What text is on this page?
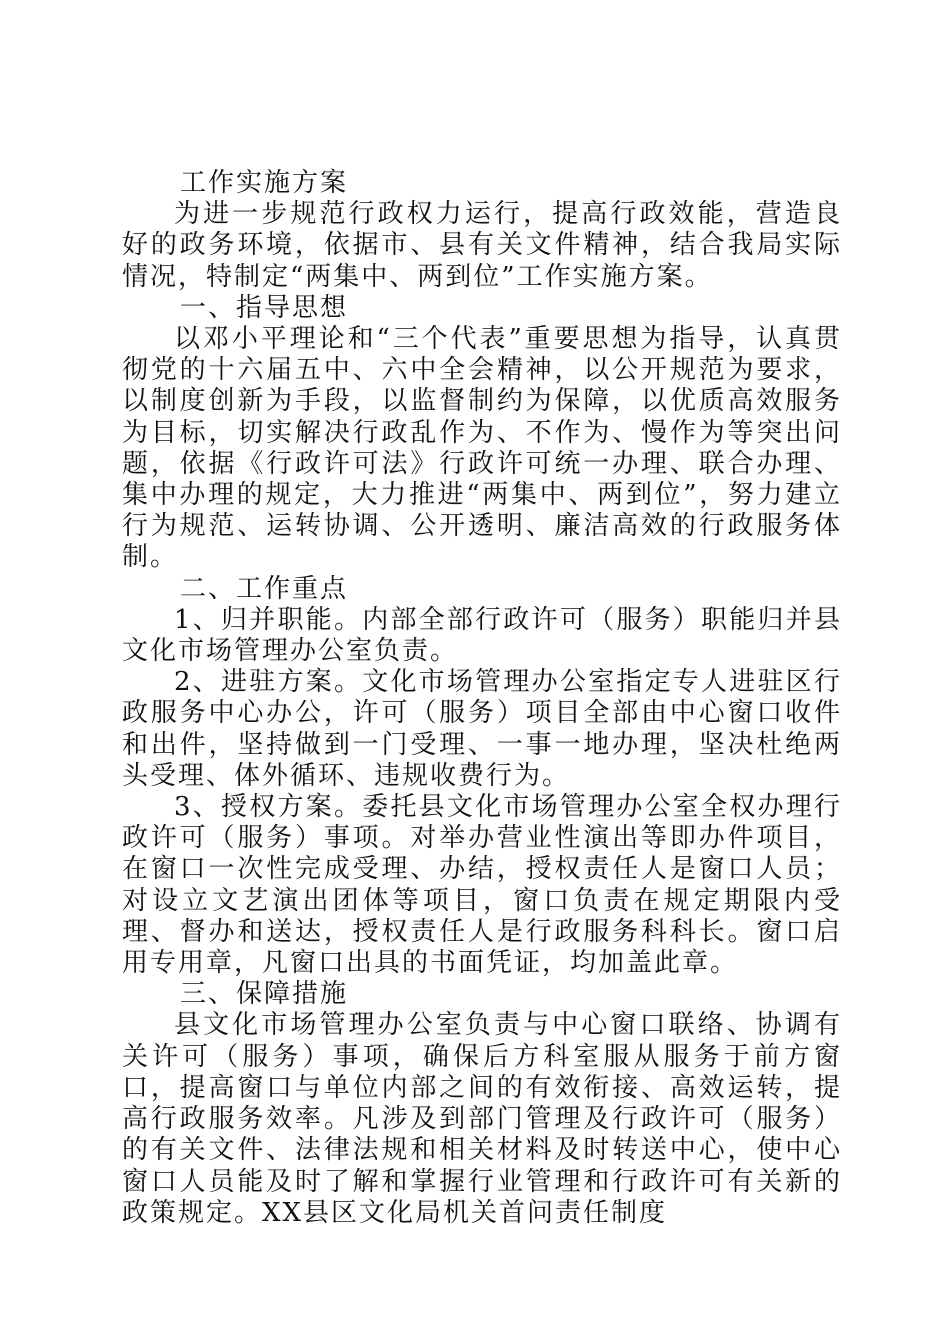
工作实施方案

为进一步规范行政权力运行，提高行政效能，营造良好的政务环境，依据市、县有关文件精神，结合我局实际情况，特制定“两集中、两到位”工作实施方案。

一、指导思想

以邓小平理论和“三个代表”重要思想为指导，认真贯彻党的十六届五中、六中全会精神，以公开规范为要求，以制度创新为手段，以监督制约为保障，以优质高效服务为目标，切实解决行政乱作为、不作为、慢作为等突出问题，依据《行政许可法》行政许可统一办理、联合办理、集中办理的规定，大力推进“两集中、两到位”，努力建立行为规范、运转协调、公开透明、廉洁高效的行政服务体制。

二、工作重点

1、归并职能。内部全部行政许可（服务）职能归并县文化市场管理办公室负责。

2、进驻方案。文化市场管理办公室指定专人进驻区行政服务中心办公，许可（服务）项目全部由中心窗口收件和出件，坚持做到一门受理、一事一地办理，坚决杜绝两头受理、体外循环、违规收费行为。

3、授权方案。委托县文化市场管理办公室全权办理行政许可（服务）事项。对举办营业性演出等即办件项目，在窗口一次性完成受理、办结，授权责任人是窗口人员；对设立文艺演出团体等项目，窗口负责在规定期限内受理、督办和送达，授权责任人是行政服务科科长。窗口启用专用章，凡窗口出具的书面凭证，均加盖此章。

三、保障措施

县文化市场管理办公室负责与中心窗口联络、协调有关许可（服务）事项，确保后方科室服从服务于前方窗口，提高窗口与单位内部之间的有效衔接、高效运转，提高行政服务效率。凡涉及到部门管理及行政许可（服务）的有关文件、法律法规和相关材料及时转送中心，使中心窗口人员能及时了解和掌握行业管理和行政许可有关新的政策规定。XX县区文化局机关首问责任制度
